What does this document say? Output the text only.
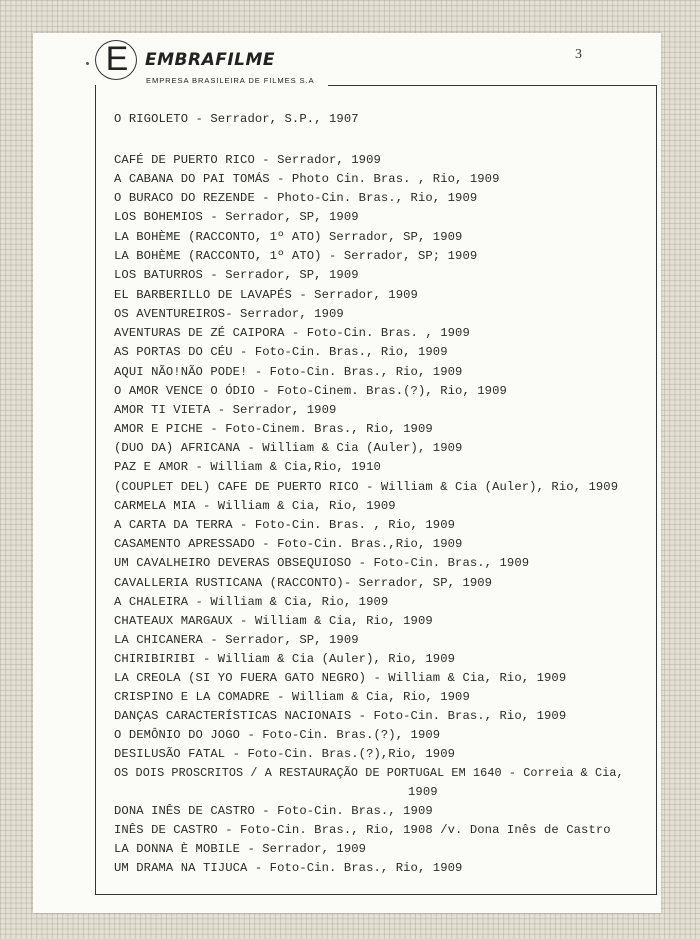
E EMBRAFILME
EMPRESA BRASILEIRA DE FILMES S.A
3
O RIGOLETO - Serrador, S.P., 1907
CAFÉ DE PUERTO RICO - Serrador, 1909
A CABANA DO PAI TOMÁS - Photo Cin. Bras. , Rio, 1909
O BURACO DO REZENDE - Photo-Cin. Bras., Rio, 1909
LOS BOHEMIOS - Serrador, SP, 1909
LA BOHÈME (RACCONTO, 1º ATO) Serrador, SP, 1909
LA BOHÈME (RACCONTO, 1º ATO) - Serrador, SP; 1909
LOS BATURROS - Serrador, SP, 1909
EL BARBERILLO DE LAVAPÉS - Serrador, 1909
OS AVENTUREIROS- Serrador, 1909
AVENTURAS DE ZÉ CAIPORA - Foto-Cin. Bras. , 1909
AS PORTAS DO CÉU - Foto-Cin. Bras., Rio, 1909
AQUI NÃO!NÃO PODE! - Foto-Cin. Bras., Rio, 1909
O AMOR VENCE O ÓDIO - Foto-Cinem. Bras.(?), Rio, 1909
AMOR TI VIETA - Serrador, 1909
AMOR E PICHE - Foto-Cinem. Bras., Rio, 1909
(DUO DA) AFRICANA - William & Cia (Auler), 1909
PAZ E AMOR - William & Cia,Rio, 1910
(COUPLET DEL) CAFE DE PUERTO RICO - William & Cia (Auler), Rio, 1909
CARMELA MIA - William & Cia, Rio, 1909
A CARTA DA TERRA - Foto-Cin. Bras. , Rio, 1909
CASAMENTO APRESSADO - Foto-Cin. Bras.,Rio, 1909
UM CAVALHEIRO DEVERAS OBSEQUIOSO - Foto-Cin. Bras., 1909
CAVALLERIA RUSTICANA (RACCONTO)- Serrador, SP, 1909
A CHALEIRA - William & Cia, Rio, 1909
CHATEAUX MARGAUX - William & Cia, Rio, 1909
LA CHICANERA - Serrador, SP, 1909
CHIRIBIRIBI - William & Cia (Auler), Rio, 1909
LA CREOLA (SI YO FUERA GATO NEGRO) - William & Cia, Rio, 1909
CRISPINO E LA COMADRE - William & Cia, Rio, 1909
DANÇAS CARACTERÍSTICAS NACIONAIS - Foto-Cin. Bras., Rio, 1909
O DEMÔNIO DO JOGO - Foto-Cin. Bras.(?), 1909
DESILUSÃO FATAL - Foto-Cin. Bras.(?),Rio, 1909
OS DOIS PROSCRITOS / A RESTAURAÇÃO DE PORTUGAL EM 1640 - Correia & Cia,
1909
DONA INÊS DE CASTRO - Foto-Cin. Bras., 1909
INÊS DE CASTRO - Foto-Cin. Bras., Rio, 1908 /v. Dona Inês de Castro
LA DONNA È MOBILE - Serrador, 1909
UM DRAMA NA TIJUCA - Foto-Cin. Bras., Rio, 1909
